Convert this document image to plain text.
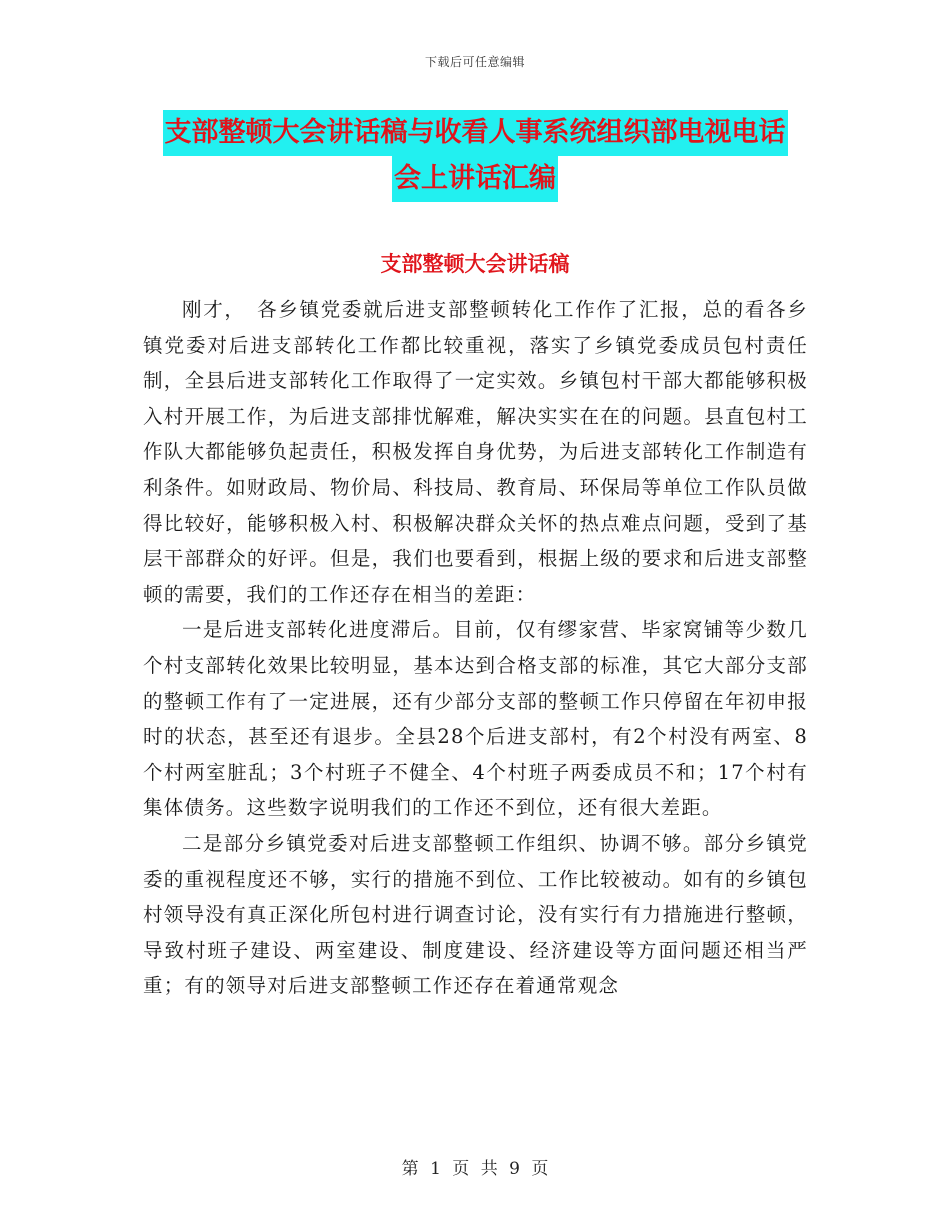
下载后可任意编辑
支部整顿大会讲话稿与收看人事系统组织部电视电话
会上讲话汇编
支部整顿大会讲话稿

刚才，　各乡镇党委就后进支部整顿转化工作作了汇报，总的看各乡镇党委对后进支部转化工作都比较重视，落实了乡镇党委成员包村责任制，全县后进支部转化工作取得了一定实效。乡镇包村干部大都能够积极入村开展工作，为后进支部排忧解难，解决实实在在的问题。县直包村工作队大都能够负起责任，积极发挥自身优势，为后进支部转化工作制造有利条件。如财政局、物价局、科技局、教育局、环保局等单位工作队员做得比较好，能够积极入村、积极解决群众关怀的热点难点问题，受到了基层干部群众的好评。但是，我们也要看到，根据上级的要求和后进支部整顿的需要，我们的工作还存在相当的差距：

一是后进支部转化进度滞后。目前，仅有缪家营、毕家窝铺等少数几个村支部转化效果比较明显，基本达到合格支部的标准，其它大部分支部的整顿工作有了一定进展，还有少部分支部的整顿工作只停留在年初申报时的状态，甚至还有退步。全县28个后进支部村，有2个村没有两室、8个村两室脏乱；3个村班子不健全、4个村班子两委成员不和；17个村有集体债务。这些数字说明我们的工作还不到位，还有很大差距。

二是部分乡镇党委对后进支部整顿工作组织、协调不够。部分乡镇党委的重视程度还不够，实行的措施不到位、工作比较被动。如有的乡镇包村领导没有真正深化所包村进行调查讨论，没有实行有力措施进行整顿，导致村班子建设、两室建设、制度建设、经济建设等方面问题还相当严重；有的领导对后进支部整顿工作还存在着通常观念

第 1 页 共 9 页
